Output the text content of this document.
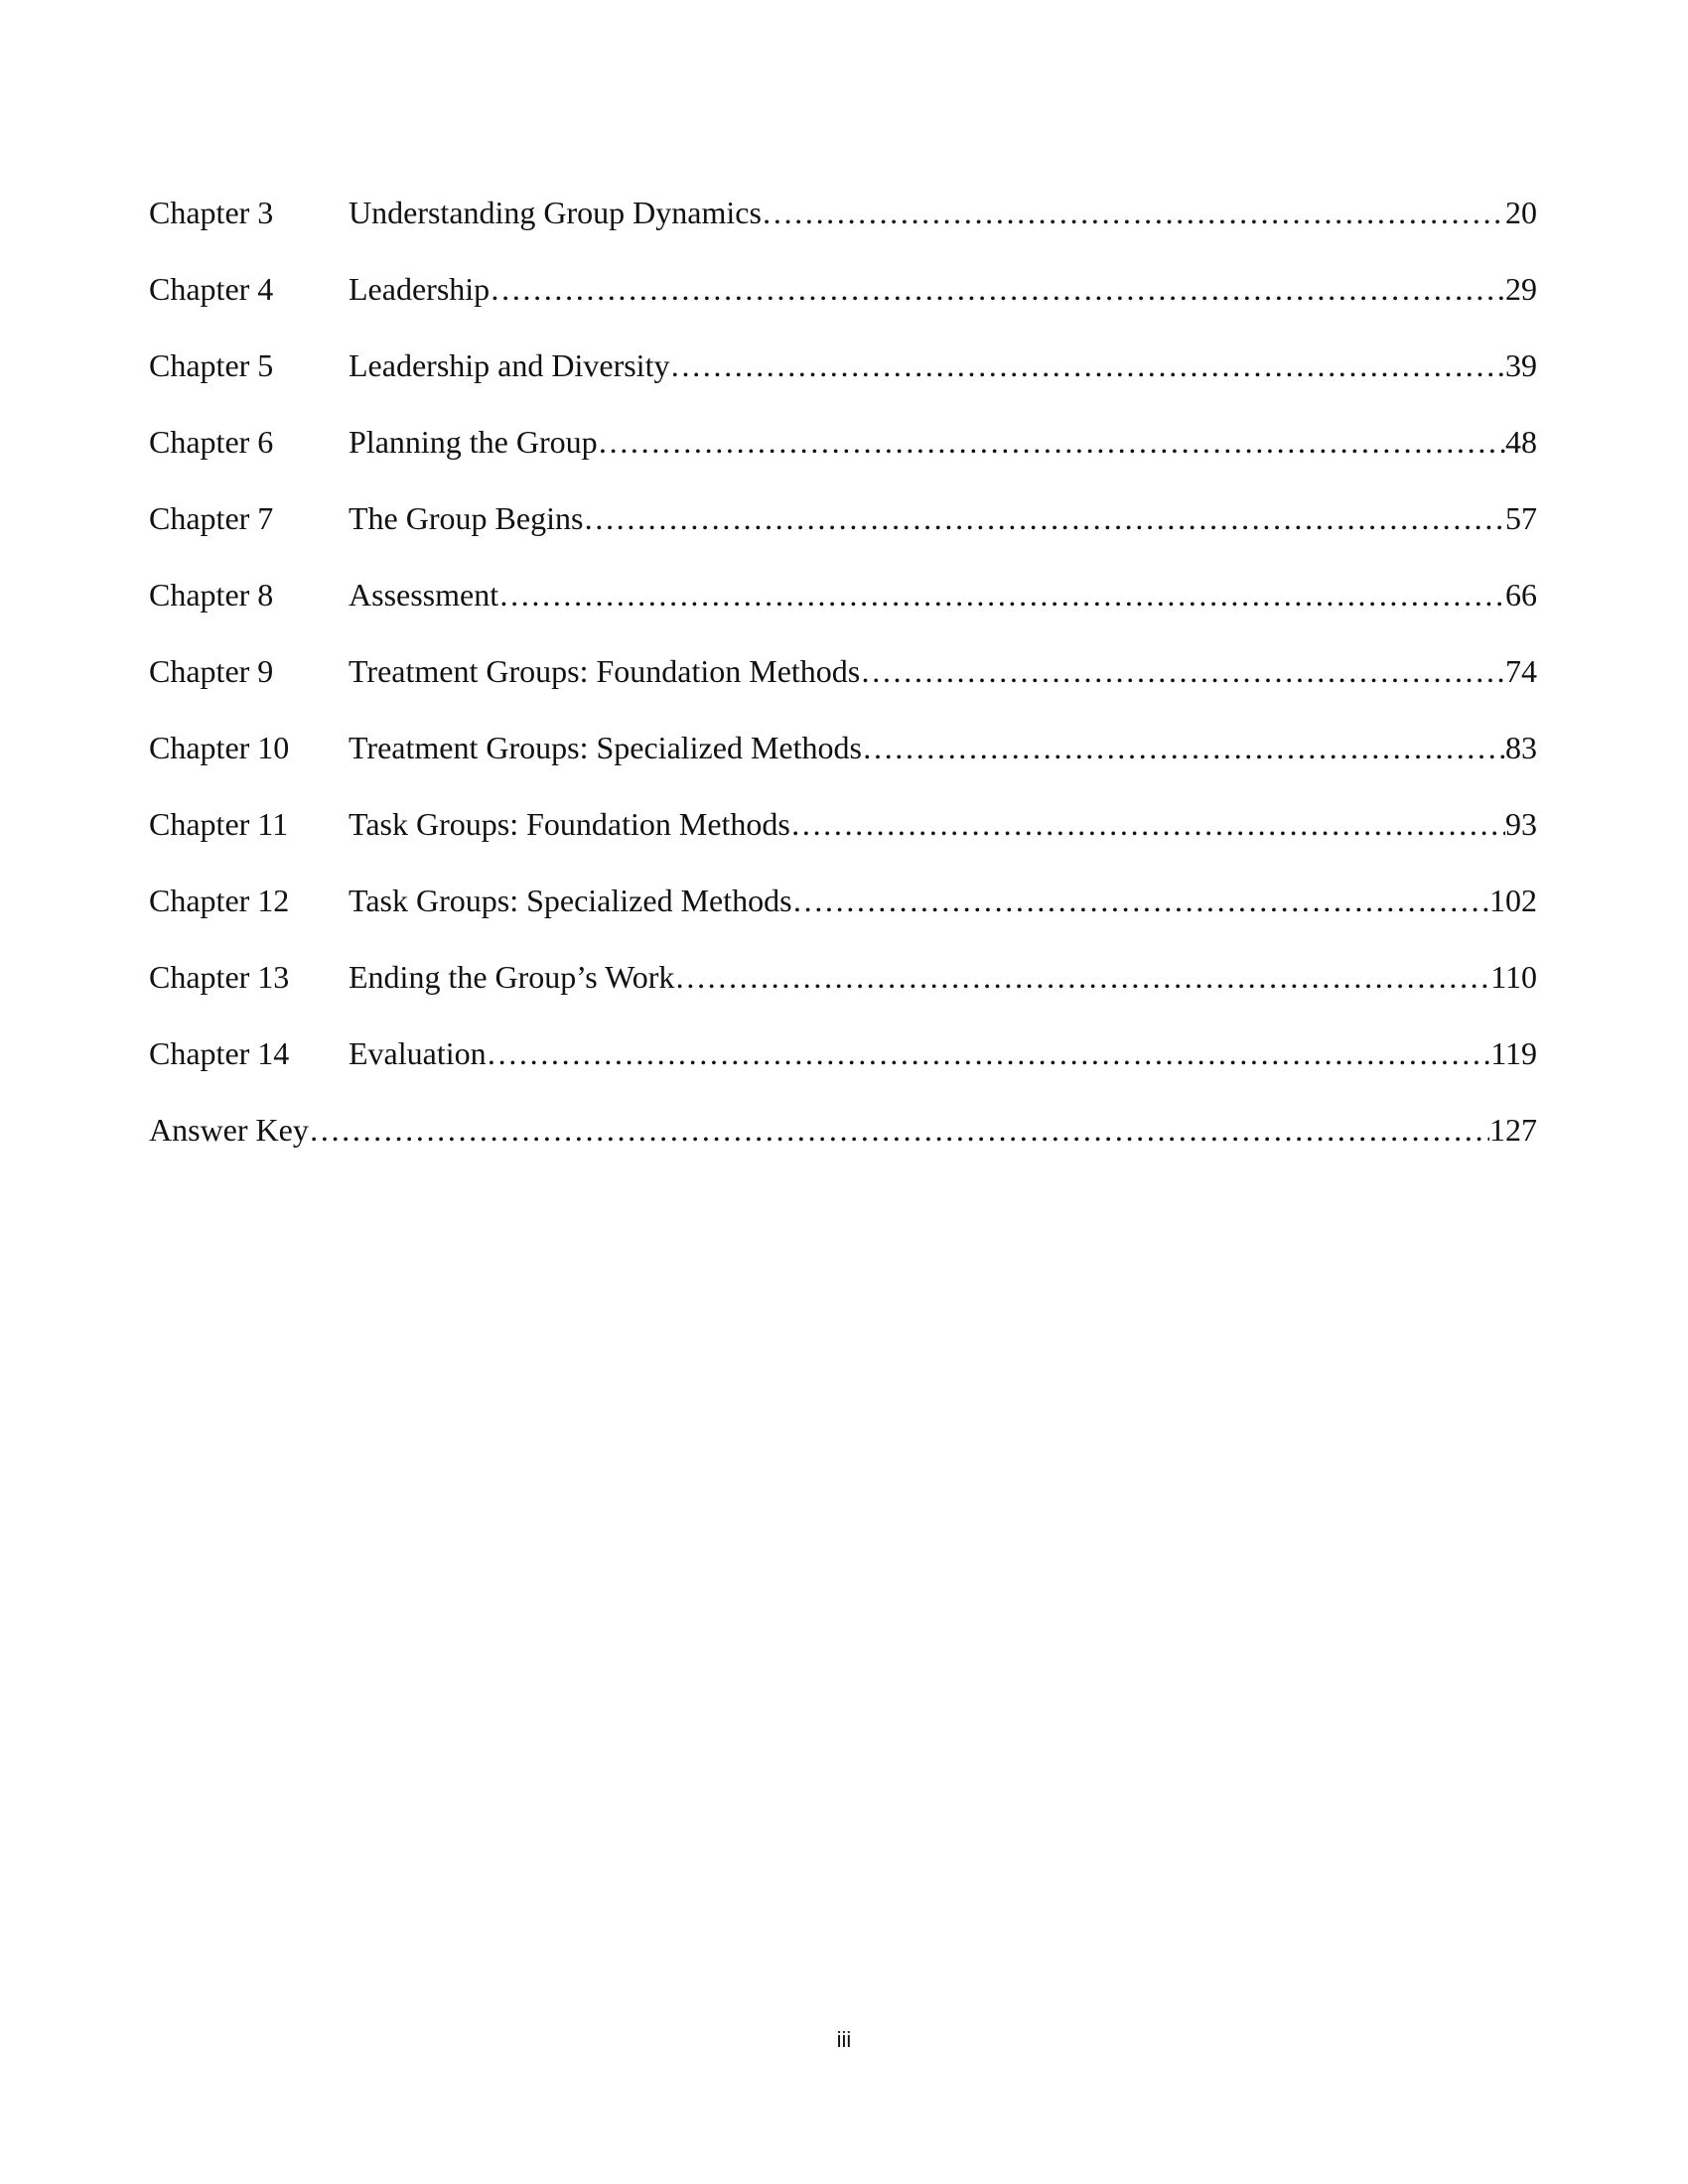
Chapter 3	Understanding Group Dynamics ……………………………………………………………………………………………………………………………………………………………	20
Chapter 4	Leadership ……………………………………………………………………………………………………………………………………………………………	29
Chapter 5	Leadership and Diversity ……………………………………………………………………………………………………………………………………………………………	39
Chapter 6	Planning the Group ……………………………………………………………………………………………………………………………………………………………	48
Chapter 7	The Group Begins ……………………………………………………………………………………………………………………………………………………………	57
Chapter 8	Assessment ……………………………………………………………………………………………………………………………………………………………	66
Chapter 9	Treatment Groups: Foundation Methods ……………………………………………………………………………………………………………………………………………………………	74
Chapter 10	Treatment Groups: Specialized Methods ……………………………………………………………………………………………………………………………………………………………	83
Chapter 11	Task Groups: Foundation Methods ……………………………………………………………………………………………………………………………………………………………	93
Chapter 12	Task Groups: Specialized Methods ……………………………………………………………………………………………………………………………………………………………	102
Chapter 13	Ending the Group’s Work ……………………………………………………………………………………………………………………………………………………………	110
Chapter 14	Evaluation ……………………………………………………………………………………………………………………………………………………………	119
Answer Key ……………………………………………………………………………………………………………………………………………………………	127
iii
